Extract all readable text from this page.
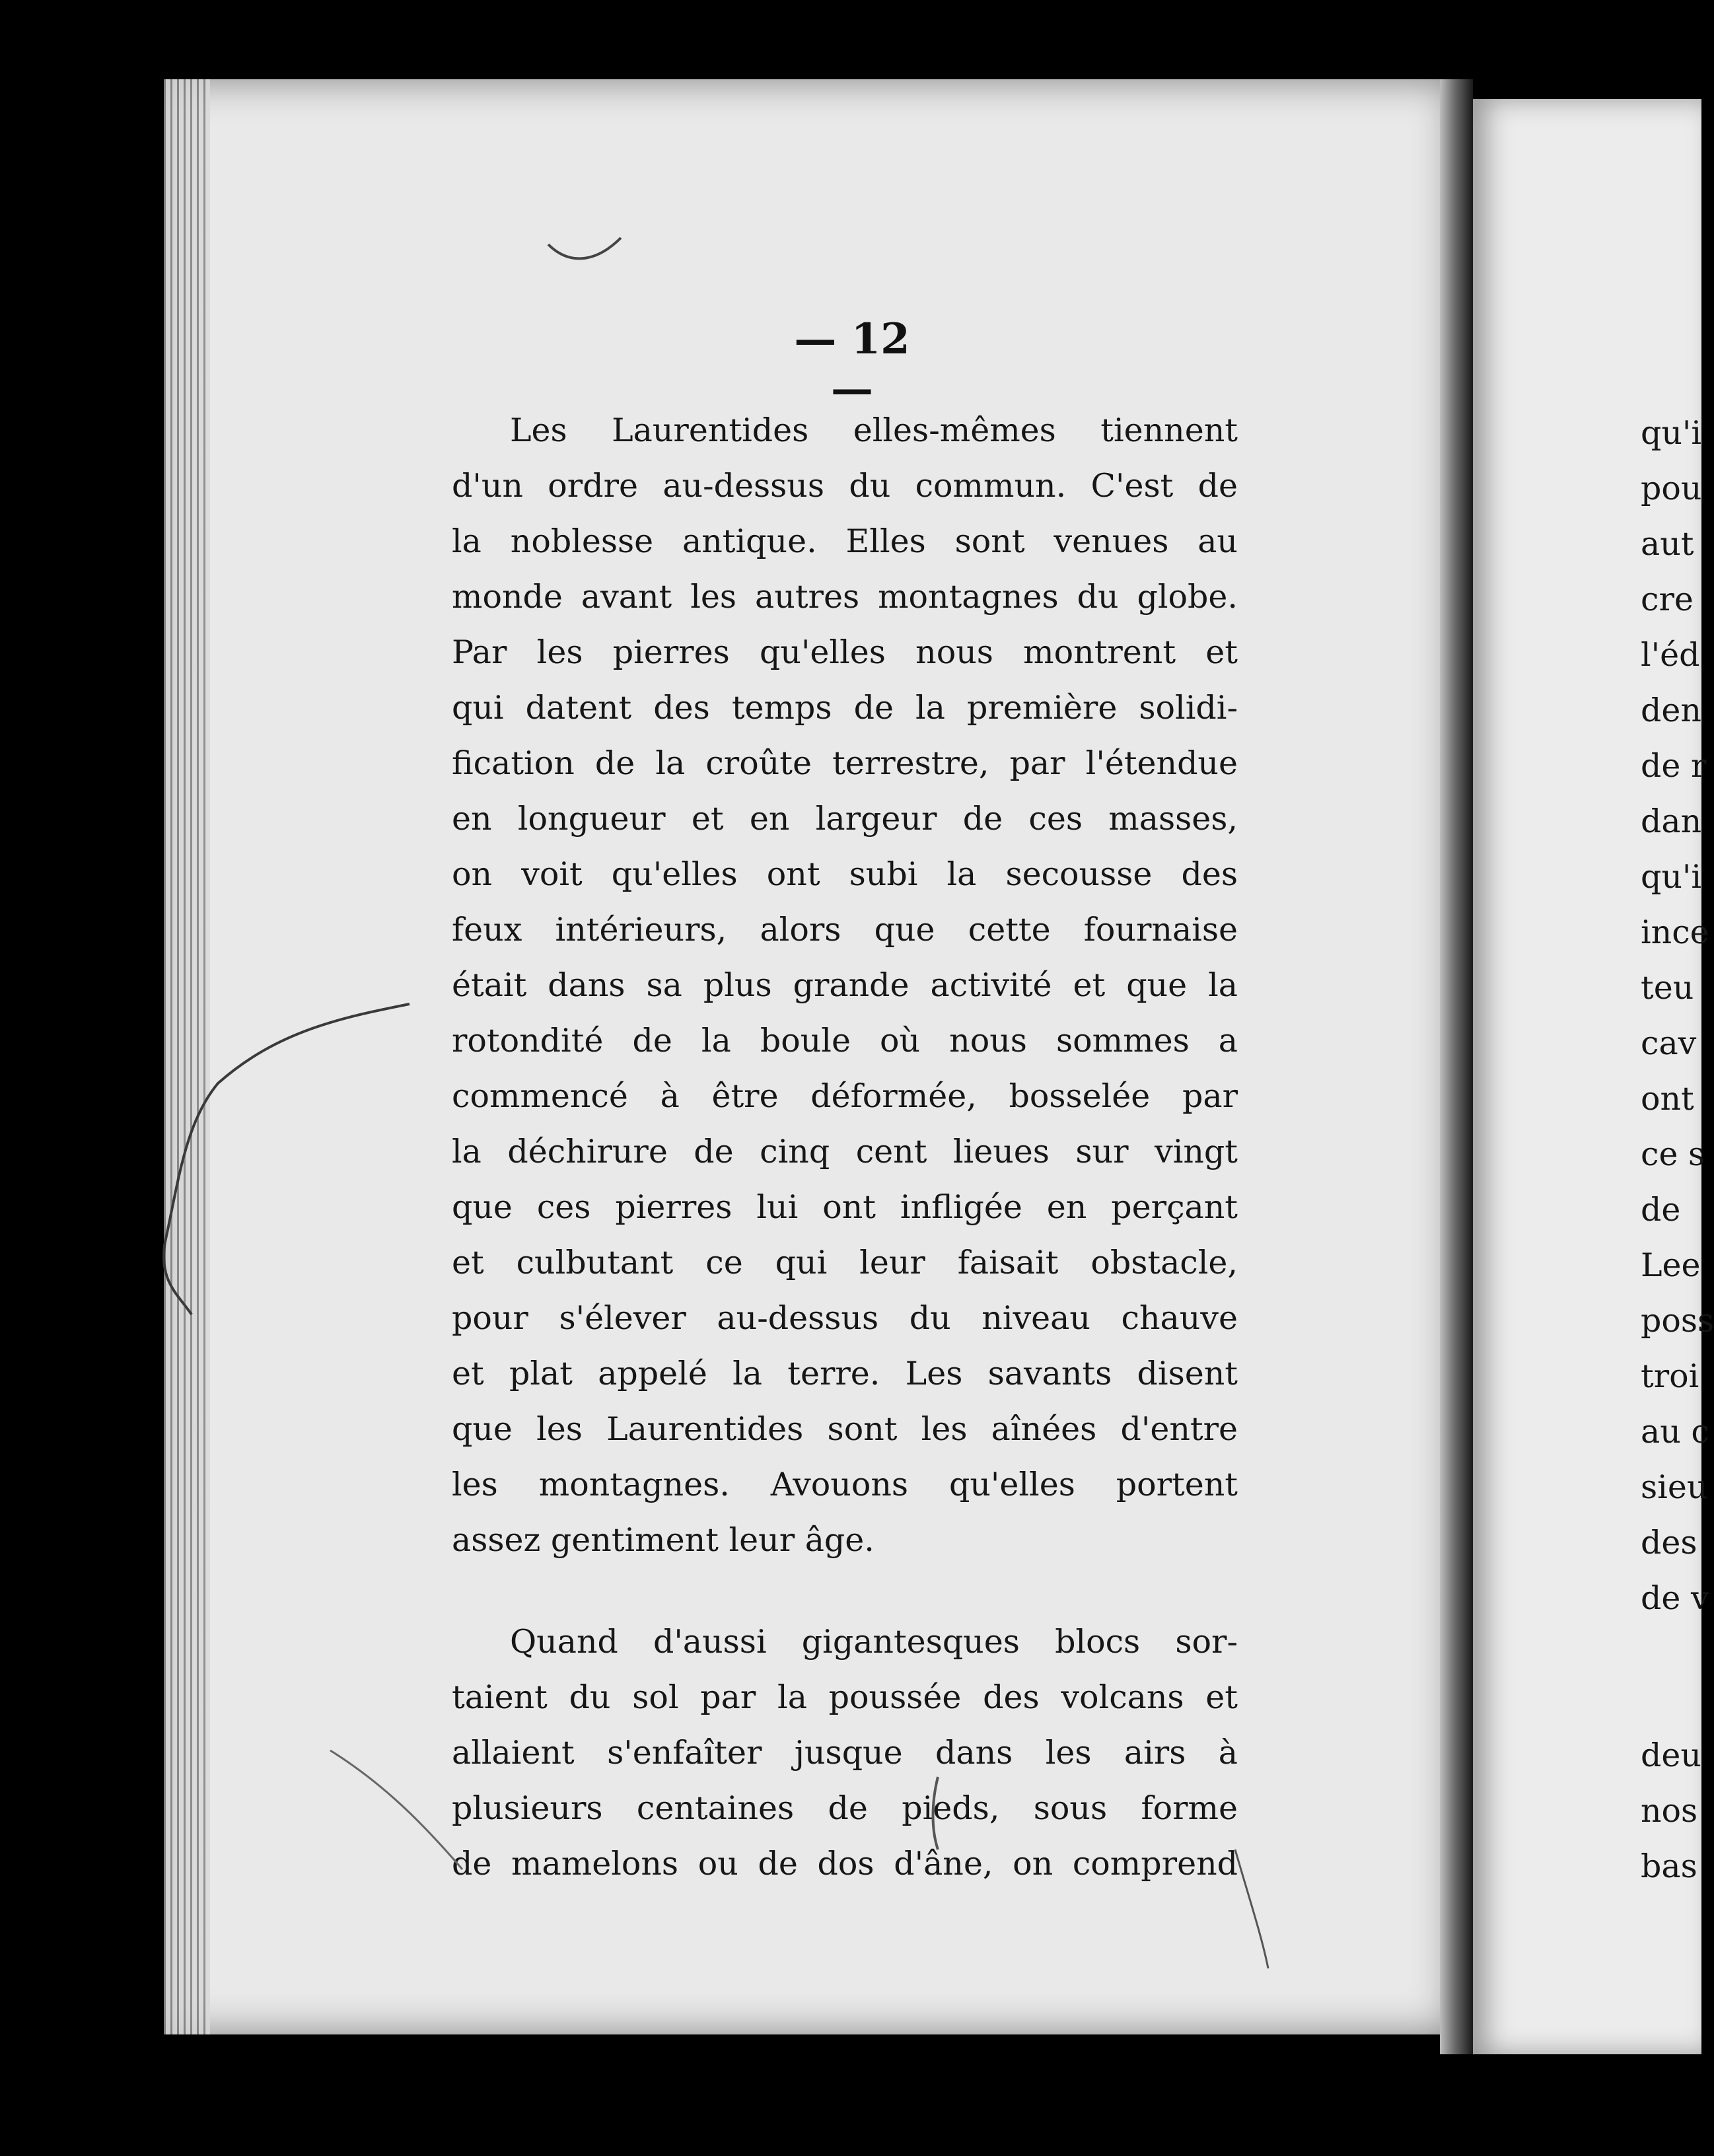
— 12 —
Les Laurentides elles-mêmes tiennent
d'un ordre au-dessus du commun. C'est de
la noblesse antique. Elles sont venues au
monde avant les autres montagnes du globe.
Par les pierres qu'elles nous montrent et
qui datent des temps de la première solidi-
fication de la croûte terrestre, par l'étendue
en longueur et en largeur de ces masses,
on voit qu'elles ont subi la secousse des
feux intérieurs, alors que cette fournaise
était dans sa plus grande activité et que la
rotondité de la boule où nous sommes a
commencé à être déformée, bosselée par
la déchirure de cinq cent lieues sur vingt
que ces pierres lui ont infligée en perçant
et culbutant ce qui leur faisait obstacle,
pour s'élever au-dessus du niveau chauve
et plat appelé la terre. Les savants disent
que les Laurentides sont les aînées d'entre
les montagnes. Avouons qu'elles portent
assez gentiment leur âge.
Quand d'aussi gigantesques blocs sor-
taient du sol par la poussée des volcans et
allaient s'enfaîter jusque dans les airs à
plusieurs centaines de pieds, sous forme
de mamelons ou de dos d'âne, on comprend
qu'i
pou
aut
cre
l'éd
den
de r
dan
qu'i
ince
teu
cav
ont
ce s
de
Lee
poss
troi
au c
sieu
des
de v
deu
nos
bas
